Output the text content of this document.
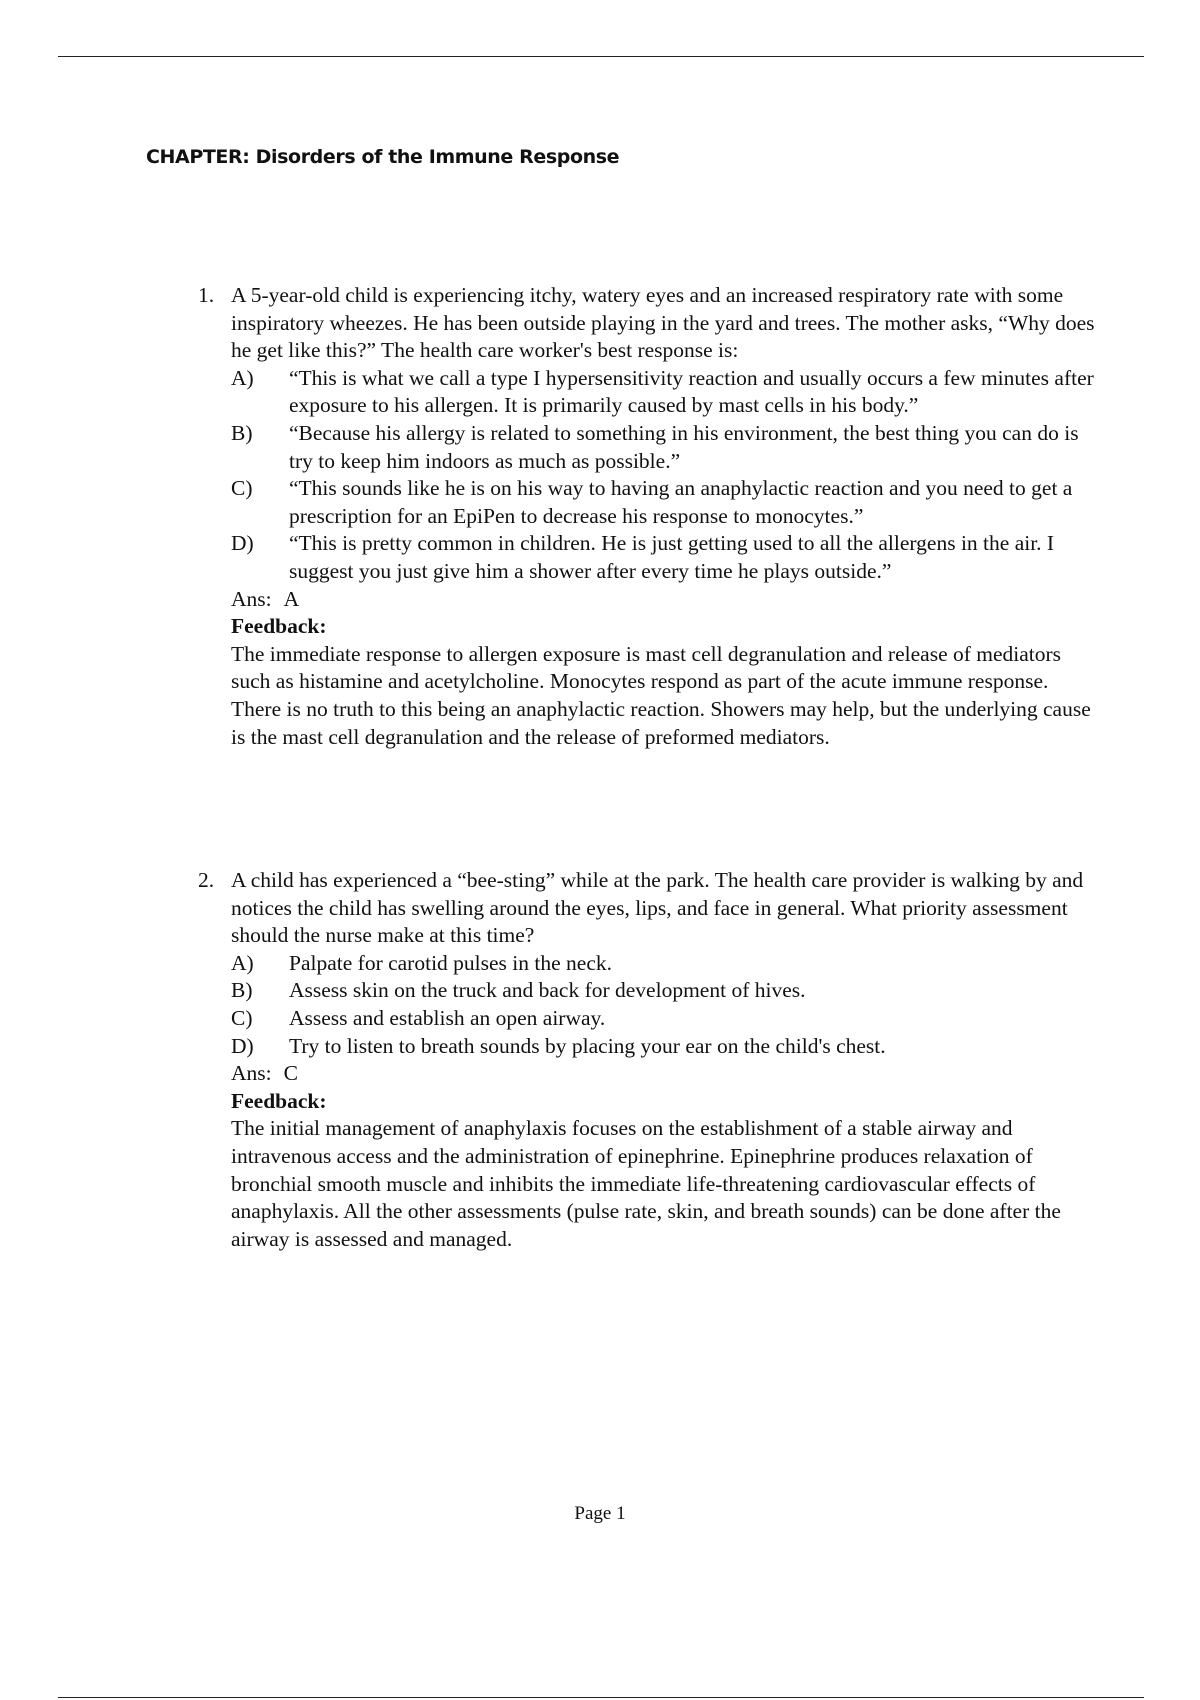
CHAPTER: Disorders of the Immune Response
1. A 5-year-old child is experiencing itchy, watery eyes and an increased respiratory rate with some inspiratory wheezes. He has been outside playing in the yard and trees. The mother asks, “Why does he get like this?” The health care worker's best response is:
A)	“This is what we call a type I hypersensitivity reaction and usually occurs a few minutes after exposure to his allergen. It is primarily caused by mast cells in his body.”
B)	“Because his allergy is related to something in his environment, the best thing you can do is try to keep him indoors as much as possible.”
C)	“This sounds like he is on his way to having an anaphylactic reaction and you need to get a prescription for an EpiPen to decrease his response to monocytes.”
D)	“This is pretty common in children. He is just getting used to all the allergens in the air. I suggest you just give him a shower after every time he plays outside.”
Ans: A
Feedback:
The immediate response to allergen exposure is mast cell degranulation and release of mediators such as histamine and acetylcholine. Monocytes respond as part of the acute immune response. There is no truth to this being an anaphylactic reaction. Showers may help, but the underlying cause is the mast cell degranulation and the release of preformed mediators.
2. A child has experienced a “bee-sting” while at the park. The health care provider is walking by and notices the child has swelling around the eyes, lips, and face in general. What priority assessment should the nurse make at this time?
A)	Palpate for carotid pulses in the neck.
B)	Assess skin on the truck and back for development of hives.
C)	Assess and establish an open airway.
D)	Try to listen to breath sounds by placing your ear on the child's chest.
Ans: C
Feedback:
The initial management of anaphylaxis focuses on the establishment of a stable airway and intravenous access and the administration of epinephrine. Epinephrine produces relaxation of bronchial smooth muscle and inhibits the immediate life-threatening cardiovascular effects of anaphylaxis. All the other assessments (pulse rate, skin, and breath sounds) can be done after the airway is assessed and managed.
Page 1
